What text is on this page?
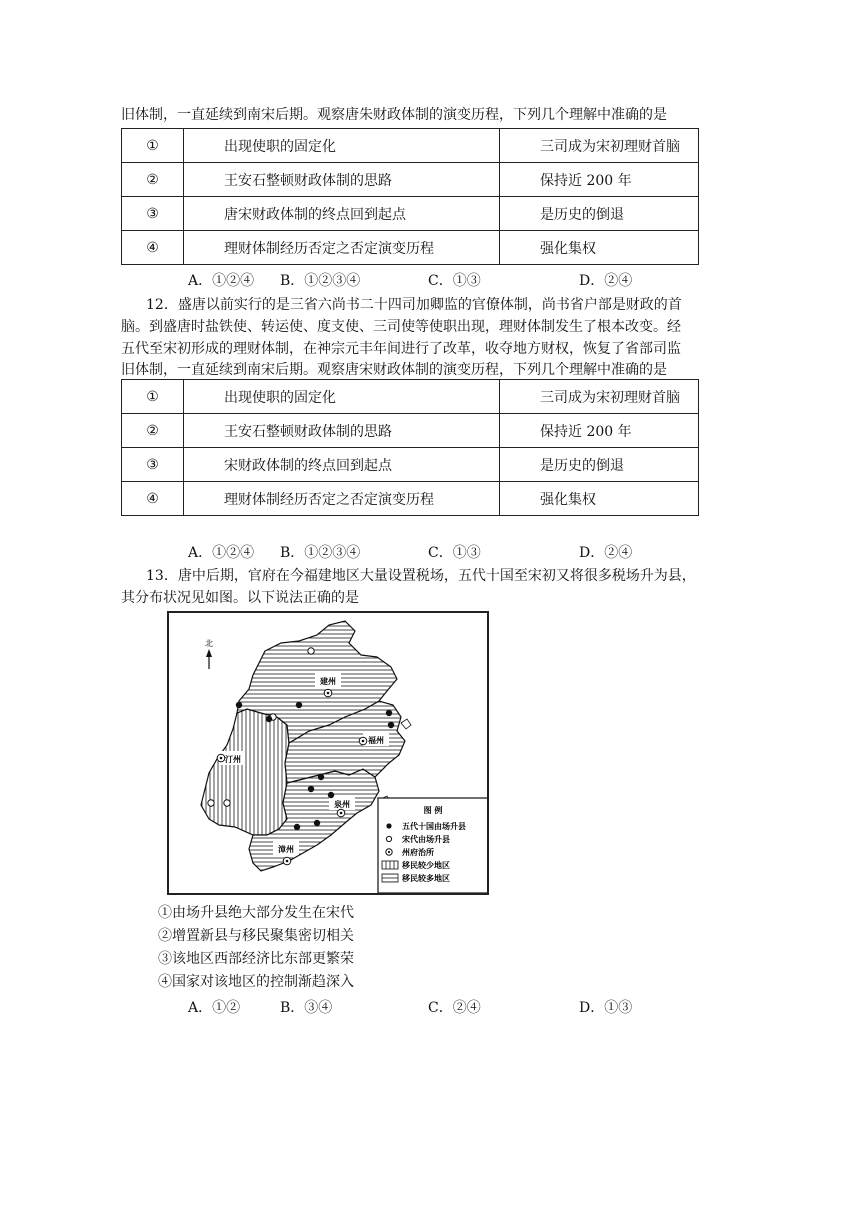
旧体制，一直延续到南宋后期。观察唐朱财政体制的演变历程，下列几个理解中准确的是
①	出现使职的固定化	三司成为宋初理财首脑
②	王安石整顿财政体制的思路	保持近 200 年
③	唐宋财政体制的终点回到起点	是历史的倒退
④	理财体制经历否定之否定演变历程	强化集权
A．①②④ B．①②③④	C．①③	D．②④
12．盛唐以前实行的是三省六尚书二十四司加卿监的官僚体制，尚书省户部是财政的首
脑。到盛唐时盐铁使、转运使、度支使、三司使等使职出现，理财体制发生了根本改变。经
五代至宋初形成的理财体制，在神宗元丰年间进行了改革，收夺地方财权，恢复了省部司监
旧体制，一直延续到南宋后期。观察唐宋财政体制的演变历程，下列几个理解中准确的是
①	出现使职的固定化	三司成为宋初理财首脑
②	王安石整顿财政体制的思路	保持近 200 年
③	宋财政体制的终点回到起点	是历史的倒退
④	理财体制经历否定之否定演变历程	强化集权
A．①②④ B．①②③④	C．①③	D．②④
13．唐中后期，官府在今福建地区大量设置税场，五代十国至宋初又将很多税场升为县，
其分布状况见如图。以下说法正确的是
北
建州
福州
汀州
泉州
漳州
图 例
五代十国由场升县
宋代由场升县
州府治所
移民较少地区
移民较多地区
①由场升县绝大部分发生在宋代
②增置新县与移民聚集密切相关
③该地区西部经济比东部更繁荣
④国家对该地区的控制渐趋深入
A．①②	B．③④	C．②④	D．①③
